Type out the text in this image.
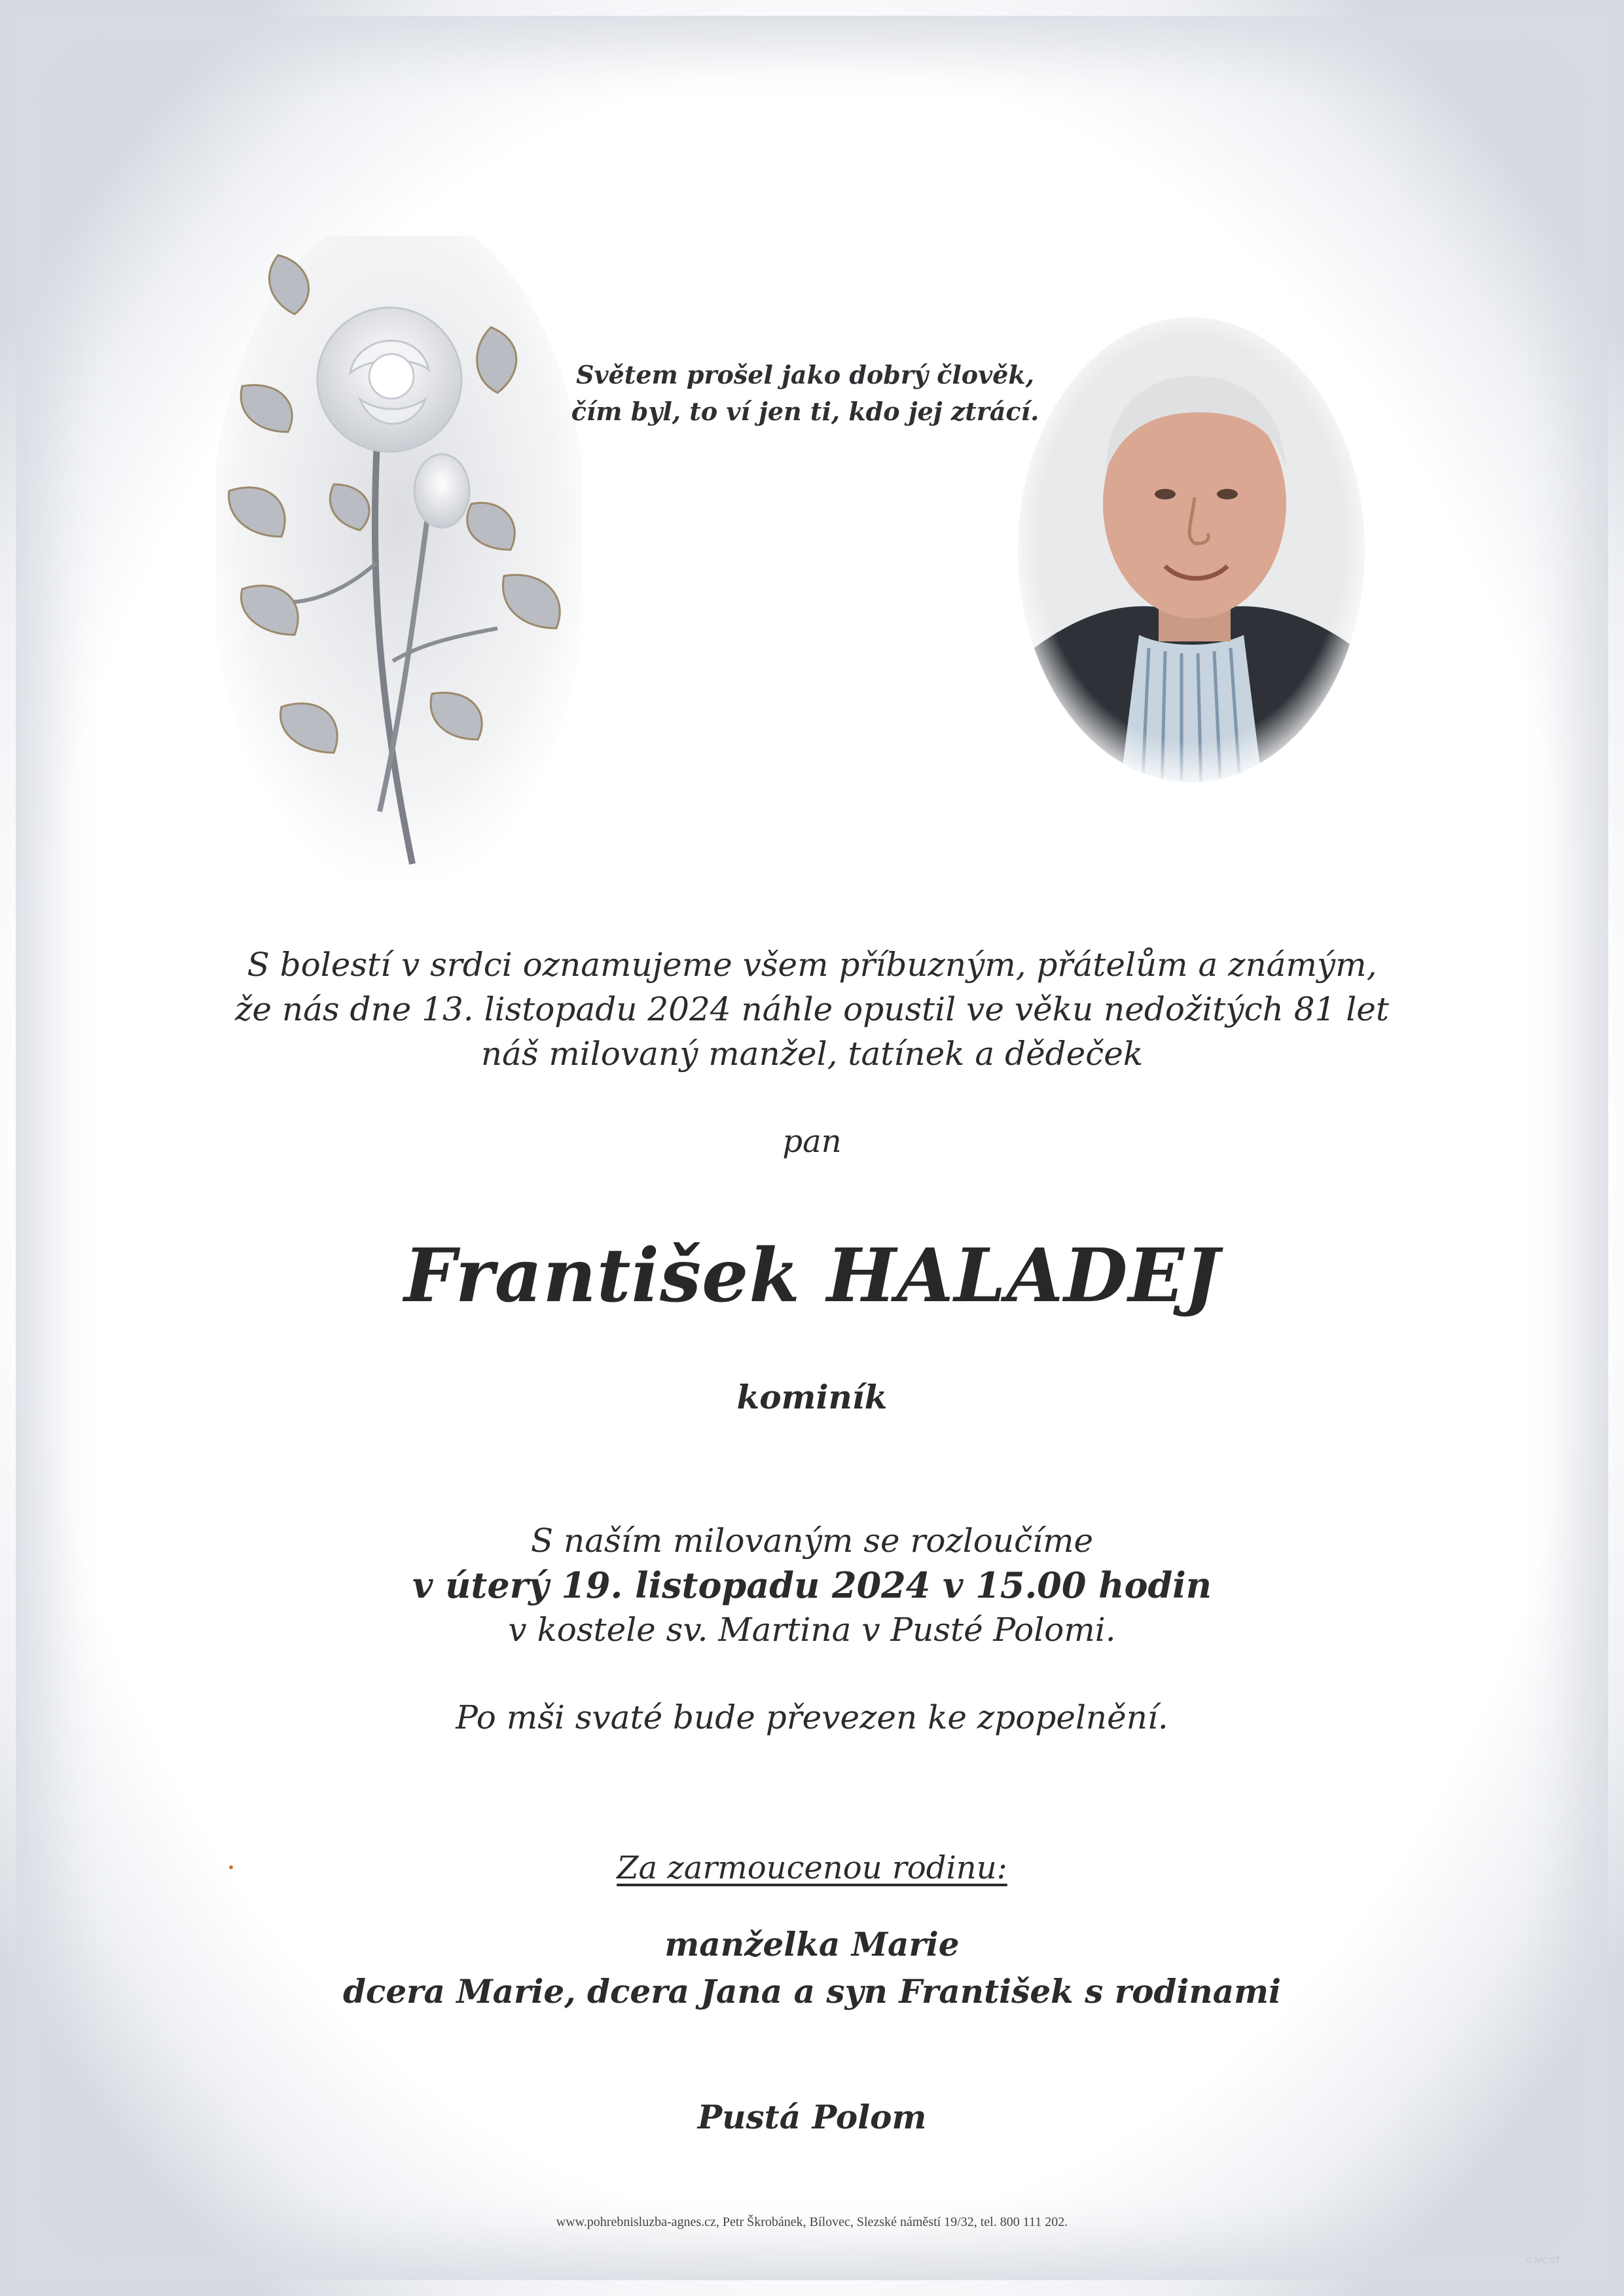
Světem prošel jako dobrý člověk,
čím byl, to ví jen ti, kdo jej ztrácí.
S bolestí v srdci oznamujeme všem příbuzným, přátelům a známým,
že nás dne 13. listopadu 2024 náhle opustil ve věku nedožitých 81 let
náš milovaný manžel, tatínek a dědeček
pan
František HALADEJ
kominík
S naším milovaným se rozloučíme
v úterý 19. listopadu 2024 v 15.00 hodin
v kostele sv. Martina v Pusté Polomi.
Po mši svaté bude převezen ke zpopelnění.
Za zarmoucenou rodinu:
manželka Marie
dcera Marie, dcera Jana a syn František s rodinami
Pustá Polom
www.pohrebnisluzba-agnes.cz, Petr Škrobánek, Bílovec, Slezské náměstí 19/32, tel. 800 111 202.
© MCST
